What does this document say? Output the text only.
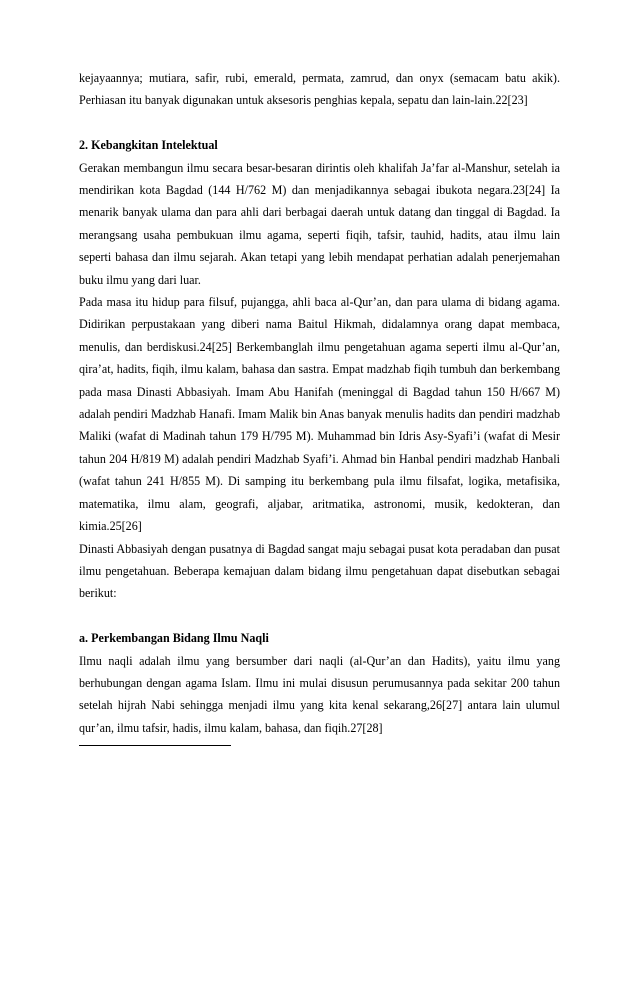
kejayaannya; mutiara, safir, rubi, emerald, permata, zamrud, dan onyx (semacam batu akik). Perhiasan itu banyak digunakan untuk aksesoris penghias kepala, sepatu dan lain-lain.22[23]

2. Kebangkitan Intelektual

Gerakan membangun ilmu secara besar-besaran dirintis oleh khalifah Ja’far al-Manshur, setelah ia mendirikan kota Bagdad (144 H/762 M) dan menjadikannya sebagai ibukota negara.23[24] Ia menarik banyak ulama dan para ahli dari berbagai daerah untuk datang dan tinggal di Bagdad. Ia merangsang usaha pembukuan ilmu agama, seperti fiqih, tafsir, tauhid, hadits, atau ilmu lain seperti bahasa dan ilmu sejarah. Akan tetapi yang lebih mendapat perhatian adalah penerjemahan buku ilmu yang dari luar.

Pada masa itu hidup para filsuf, pujangga, ahli baca al-Qur’an, dan para ulama di bidang agama. Didirikan perpustakaan yang diberi nama Baitul Hikmah, didalamnya orang dapat membaca, menulis, dan berdiskusi.24[25] Berkembanglah ilmu pengetahuan agama seperti ilmu al-Qur’an, qira’at, hadits, fiqih, ilmu kalam, bahasa dan sastra. Empat madzhab fiqih tumbuh dan berkembang pada masa Dinasti Abbasiyah. Imam Abu Hanifah (meninggal di Bagdad tahun 150 H/667 M) adalah pendiri Madzhab Hanafi. Imam Malik bin Anas banyak menulis hadits dan pendiri madzhab Maliki (wafat di Madinah tahun 179 H/795 M). Muhammad bin Idris Asy-Syafi’i (wafat di Mesir tahun 204 H/819 M) adalah pendiri Madzhab Syafi’i. Ahmad bin Hanbal pendiri madzhab Hanbali (wafat tahun 241 H/855 M). Di samping itu berkembang pula ilmu filsafat, logika, metafisika, matematika, ilmu alam, geografi, aljabar, aritmatika, astronomi, musik, kedokteran, dan kimia.25[26]

Dinasti Abbasiyah dengan pusatnya di Bagdad sangat maju sebagai pusat kota peradaban dan pusat ilmu pengetahuan. Beberapa kemajuan dalam bidang ilmu pengetahuan dapat disebutkan sebagai berikut:

a. Perkembangan Bidang Ilmu Naqli

Ilmu naqli adalah ilmu yang bersumber dari naqli (al-Qur’an dan Hadits), yaitu ilmu yang berhubungan dengan agama Islam. Ilmu ini mulai disusun perumusannya pada sekitar 200 tahun setelah hijrah Nabi sehingga menjadi ilmu yang kita kenal sekarang,26[27] antara lain ulumul qur’an, ilmu tafsir, hadis, ilmu kalam, bahasa, dan fiqih.27[28]
